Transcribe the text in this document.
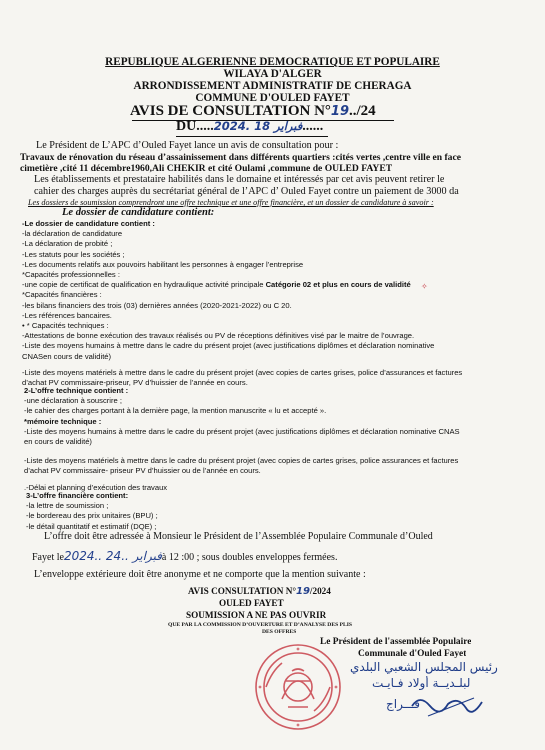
REPUBLIQUE ALGERIENNE DEMOCRATIQUE ET POPULAIRE
WILAYA D'ALGER
ARRONDISSEMENT ADMINISTRATIF DE CHERAGA
COMMUNE D'OULED FAYET
AVIS DE CONSULTATION N°19../24
DU.....2024. فبراير 18......
Le Président de L’APC d’Ouled Fayet lance un avis de consultation pour :
Travaux de rénovation du réseau d’assainissement dans différents quartiers :cités vertes ,centre ville en face
cimetière ,cité 11 décembre1960,Ali CHEKIR et cité Oulami ,commune de OULED FAYET
Les établissements et prestataire habilités dans le domaine et intéressés par cet avis peuvent retirer le
cahier des charges auprès du secrétariat général de l’APC d’ Ouled Fayet contre un paiement de 3000 da
Les dossiers de soumission comprendront une offre technique et une offre financière, et un dossier de candidature à savoir :
Le dossier de candidature contient:
-Le dossier de candidature contient :
-la déclaration de candidature
-La déclaration de probité ;
-Les statuts pour les sociétés ;
-Les documents relatifs aux pouvoirs habilitant les personnes à engager l’entreprise
*Capacités professionnelles :
-une copie de certificat de qualification en hydraulique activité principale Catégorie 02 et plus en cours de validité
*Capacités financières :
-les bilans financiers des trois (03) dernières années (2020-2021-2022) ou C 20.
-Les références bancaires.
• * Capacités techniques :
-Attestations de bonne exécution des travaux réalisés ou PV de réceptions définitives visé par le maitre de l’ouvrage.
-Liste des moyens humains à mettre dans le cadre du présent projet (avec justifications diplômes et déclaration nominative
CNASen cours de validité)
-Liste des moyens matériels à mettre dans le cadre du présent projet (avec copies de cartes grises, police d’assurances et factures
d’achat PV commissaire-priseur, PV d’huissier de l’année en cours.
2-L’offre technique contient :
-une déclaration à souscrire ;
-le cahier des charges portant à la dernière page, la mention manuscrite « lu et accepté ».
*mémoire technique :
-Liste des moyens humains à mettre dans le cadre du présent projet (avec justifications diplômes et déclaration nominative CNAS
en cours de validité)
-Liste des moyens matériels à mettre dans le cadre du présent projet (avec copies de cartes grises, police assurances et factures
d’achat PV commissaire- priseur PV d’huissier ou de l’année en cours.
.-Délai et planning d’exécution des travaux
3-L’offre financière contient:
-la lettre de soumission ;
-le bordereau des prix unitaires (BPU) ;
-le détail quantitatif et estimatif (DQE) ;
L’offre doit être adressée à Monsieur le Président de l’Assemblée Populaire Communale d’Ouled
Fayet le2024.. فبراير ..24à 12 :00 ; sous doubles enveloppes fermées.
L’enveloppe extérieure doit être anonyme et ne comporte que la mention suivante :
AVIS CONSULTATION N°19/2024
OULED FAYET
SOUMISSION A NE PAS OUVRIR
QUE PAR LA COMMISSION D’OUVERTURE ET D’ANALYSE DES PLIS
DES OFFRES
Le Président de l'assemblée Populaire
Communale d'Ouled Fayet
رئيس المجلس الشعبي البلدي
لبلـديــة أولاد فـايـت
فـــراج
✧
